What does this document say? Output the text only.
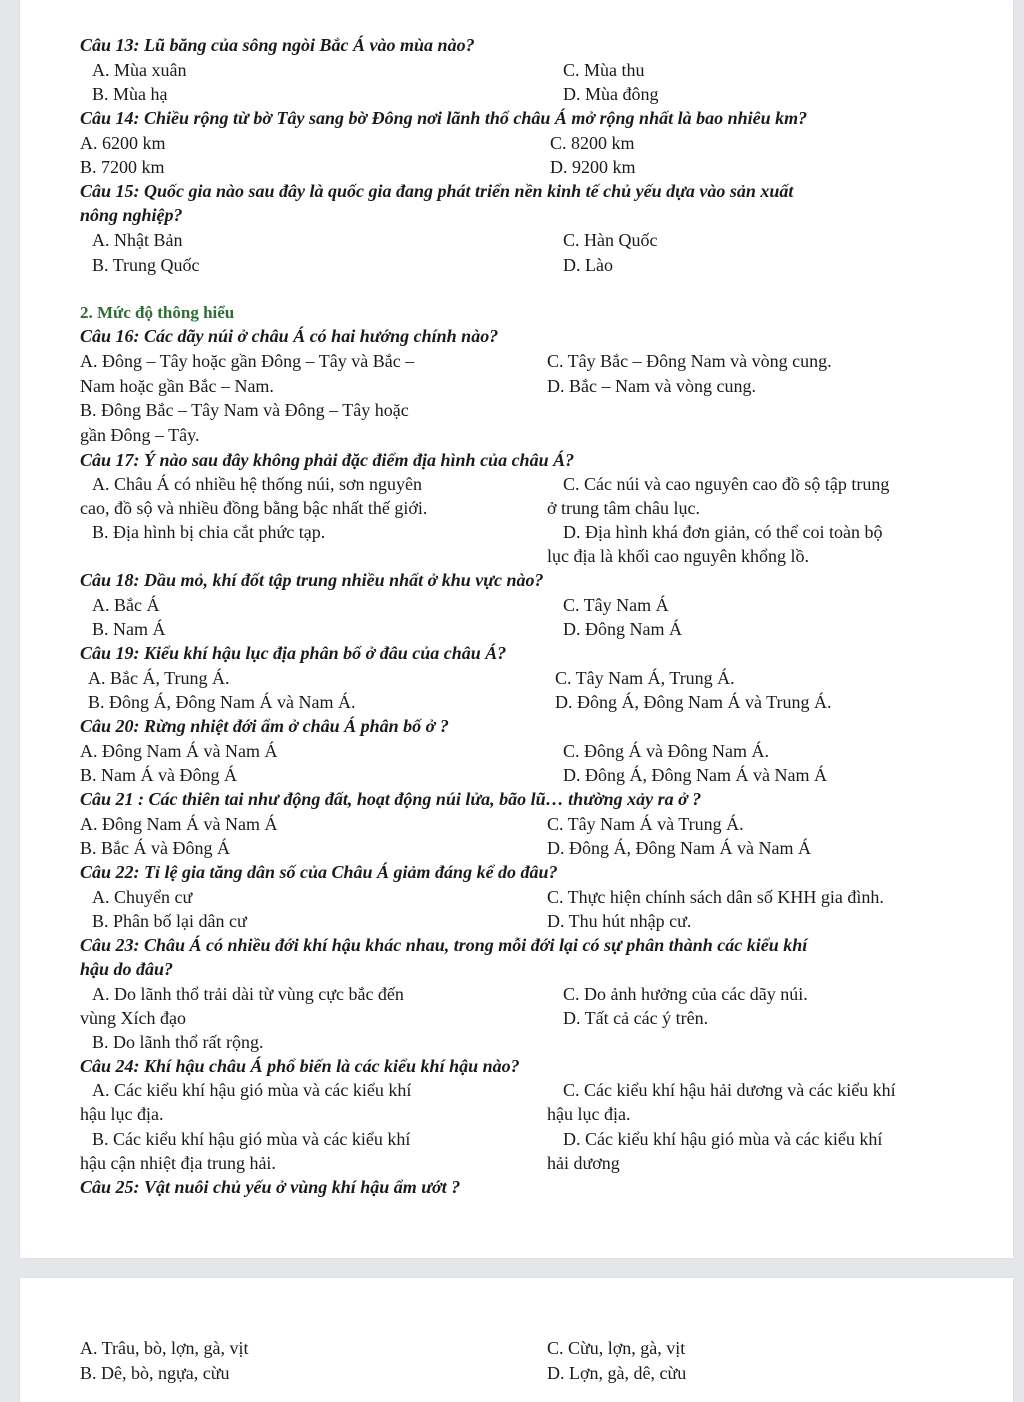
Câu 13: Lũ băng của sông ngòi Bắc Á vào mùa nào?
A. Mùa xuân	C. Mùa thu
B. Mùa hạ	D. Mùa đông
Câu 14: Chiều rộng từ bờ Tây sang bờ Đông nơi lãnh thổ châu Á mở rộng nhất là bao nhiêu km?
A. 6200 km	C. 8200 km
B. 7200 km	D. 9200 km
Câu 15: Quốc gia nào sau đây là quốc gia đang phát triển nền kinh tế chủ yếu dựa vào sản xuất
nông nghiệp?
A. Nhật Bản	C. Hàn Quốc
B. Trung Quốc	D. Lào
2. Mức độ thông hiểu
Câu 16: Các dãy núi ở châu Á có hai hướng chính nào?
A. Đông – Tây hoặc gần Đông – Tây và Bắc –	C. Tây Bắc – Đông Nam và vòng cung.
Nam hoặc gần Bắc – Nam.	D. Bắc – Nam và vòng cung.
B. Đông Bắc – Tây Nam và Đông – Tây hoặc
gần Đông – Tây.
Câu 17: Ý nào sau đây không phải đặc điểm địa hình của châu Á?
A. Châu Á có nhiều hệ thống núi, sơn nguyên	C. Các núi và cao nguyên cao đồ sộ tập trung
cao, đồ sộ và nhiều đồng bằng bậc nhất thế giới.	ở trung tâm châu lục.
B. Địa hình bị chia cắt phức tạp.	D. Địa hình khá đơn giản, có thể coi toàn bộ
lục địa là khối cao nguyên khổng lồ.
Câu 18: Dầu mỏ, khí đốt tập trung nhiều nhất ở khu vực nào?
A. Bắc Á	C. Tây Nam Á
B. Nam Á	D. Đông Nam Á
Câu 19: Kiểu khí hậu lục địa phân bố ở đâu của châu Á?
A. Bắc Á, Trung Á.	C. Tây Nam Á, Trung Á.
B. Đông Á, Đông Nam Á và Nam Á.	D. Đông Á, Đông Nam Á và Trung Á.
Câu 20: Rừng nhiệt đới ẩm ở châu Á phân bố ở ?
A. Đông Nam Á và Nam Á	C. Đông Á và Đông Nam Á.
B. Nam Á và Đông Á	D. Đông Á, Đông Nam Á và Nam Á
Câu 21 : Các thiên tai như động đất, hoạt động núi lửa, bão lũ… thường xảy ra ở ?
A. Đông Nam Á và Nam Á	C. Tây Nam Á và Trung Á.
B. Bắc Á và Đông Á	D. Đông Á, Đông Nam Á và Nam Á
Câu 22: Tỉ lệ gia tăng dân số của Châu Á giảm đáng kể do đâu?
A. Chuyển cư	C. Thực hiện chính sách dân số KHH gia đình.
B. Phân bố lại dân cư	D. Thu hút nhập cư.
Câu 23: Châu Á có nhiều đới khí hậu khác nhau, trong mỗi đới lại có sự phân thành các kiểu khí
hậu do đâu?
A. Do lãnh thổ trải dài từ vùng cực bắc đến	C. Do ảnh hưởng của các dãy núi.
vùng Xích đạo	D. Tất cả các ý trên.
B. Do lãnh thổ rất rộng.
Câu 24: Khí hậu châu Á phổ biến là các kiểu khí hậu nào?
A. Các kiểu khí hậu gió mùa và các kiểu khí	C. Các kiểu khí hậu hải dương và các kiểu khí
hậu lục địa.	hậu lục địa.
B. Các kiểu khí hậu gió mùa và các kiểu khí	D. Các kiểu khí hậu gió mùa và các kiểu khí
hậu cận nhiệt địa trung hải.	hải dương
Câu 25: Vật nuôi chủ yếu ở vùng khí hậu ẩm ướt ?
A. Trâu, bò, lợn, gà, vịt	C. Cừu, lợn, gà, vịt
B. Dê, bò, ngựa, cừu	D. Lợn, gà, dê, cừu
